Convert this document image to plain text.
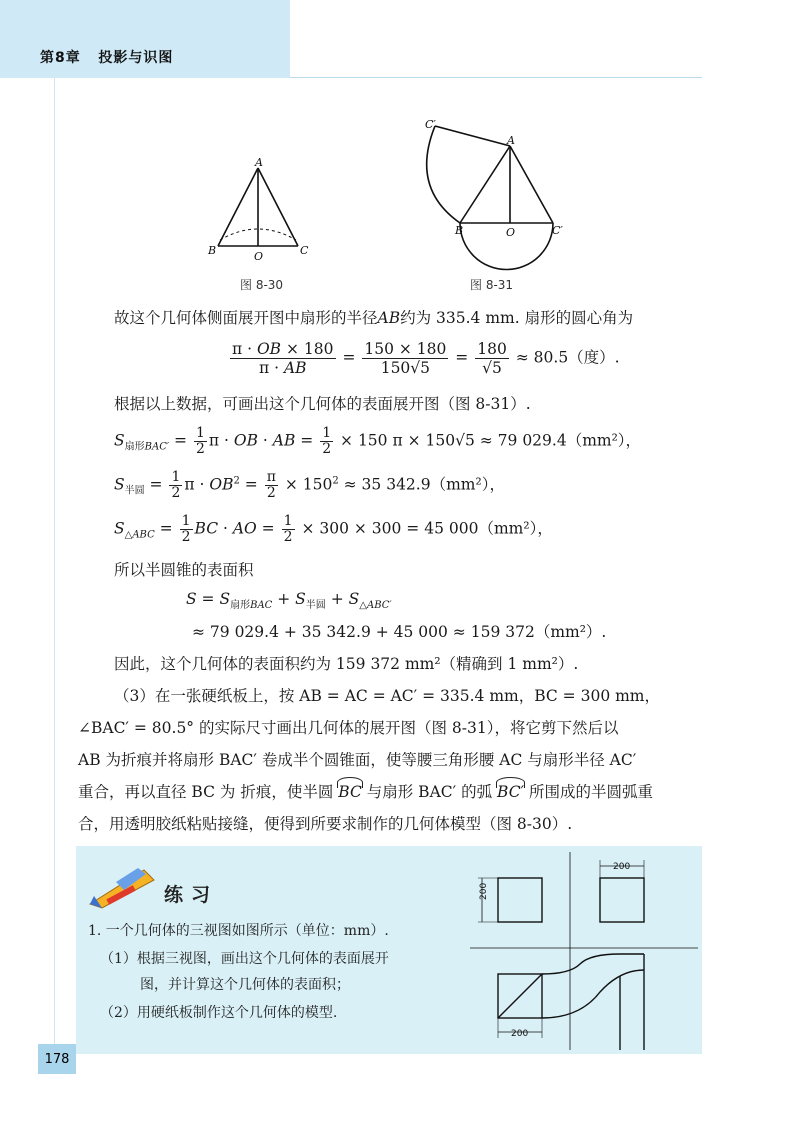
第8章 投影与识图
A
B	C
O
图 8-30
C′
A
B	C′
O
图 8-31
故这个几何体侧面展开图中扇形的半径AB约为 335.4 mm. 扇形的圆心角为
$\frac{\pi \cdot OB \times 180}{\pi \cdot AB} = \frac{150 \times 180}{150√5} = \frac{180}{√5} \approx 80.5$（度）.
根据以上数据，可画出这个几何体的表面展开图（图 8-31）.
$S_{扇形BAC'} = \frac{1}{2}$ π · OB · AB = $\frac{1}{2} \times 150$ π × 150√5 ≈ 79 029.4（mm²），
$S_{半圆} = \frac{1}{2}$ $\pi \cdot OB^2 = \frac{\pi}{2} \times 150^2 \approx 35$ 342.9（mm²），
$S_{\triangle ABC} = \frac{1}{2}$ BC · AO = $\frac{1}{2} \times 300 \times 300 = 45$ 000（mm²），
所以半圆锥的表面积
$S = S_{扇形BAC} + S_{半圆} + S_{\triangle ABC'}$
≈ 79 029.4 + 35 342.9 + 45 000 ≈ 159 372（mm²）.
因此，这个几何体的表面积约为 159 372 mm²（精确到 1 mm²）.
（3）在一张硬纸板上，按 AB = AC = AC′ = 335.4 mm，BC = 300 mm，
∠BAC′ = 80.5° 的实际尺寸画出几何体的展开图（图 8-31），将它剪下然后以
AB 为折痕并将扇形 BAC′ 卷成半个圆锥面，使等腰三角形腰 AC 与扇形半径 AC′
重合，再以直径 BC 为 折痕，使半圆 BC 与扇形 BAC′ 的弧 BC′ 所围成的半圆弧重
合，用透明胶纸粘贴接缝，便得到所要求制作的几何体模型（图 8-30）.
练习
1. 一个几何体的三视图如图所示（单位：mm）.
（1）根据三视图，画出这个几何体的表面展开
图，并计算这个几何体的表面积；
（2）用硬纸板制作这个几何体的模型.
200
200
200
178
